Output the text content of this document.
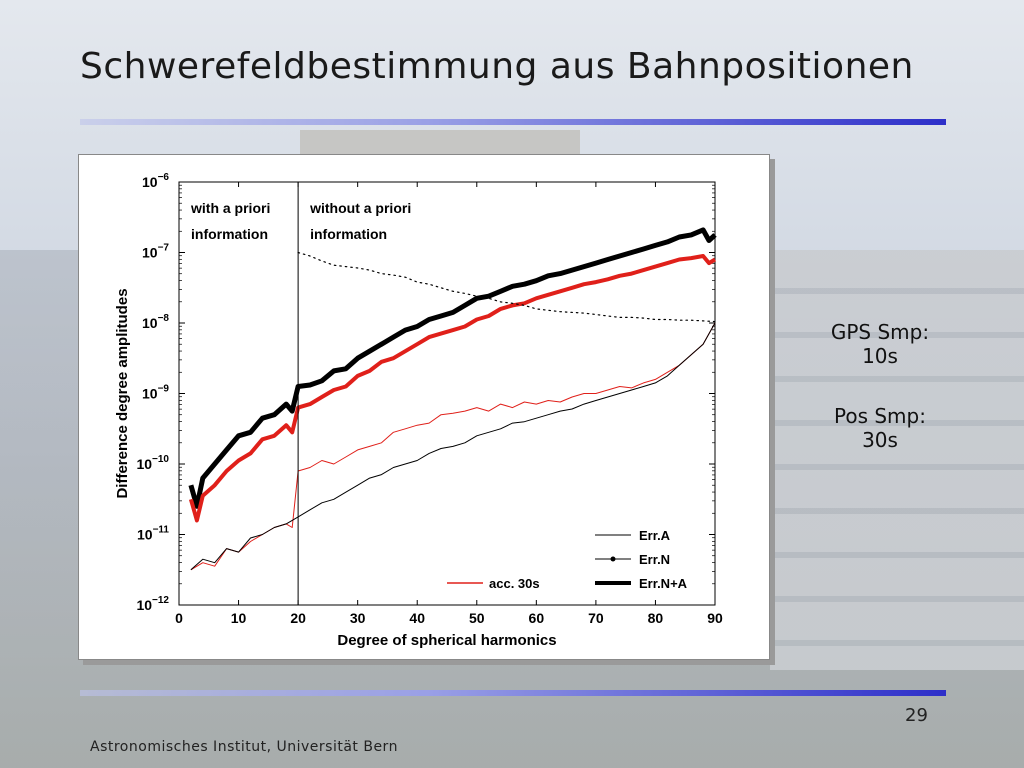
Schwerefeldbestimmung aus Bahnpositionen
0	10	20	30	40	50	60	70	80	90
$10^{-6}$
$10^{-7}$
$10^{-8}$
$10^{-9}$
$10^{-10}$
$10^{-11}$
$10^{-12}$
with a priori
information
without a priori
information
Degree of spherical harmonics
Difference degree amplitudes
Err.A
Err.N
acc. 30s	Err.N+A
GPS Smp:
10s
Pos Smp:
30s
29
Astronomisches Institut, Universität Bern
